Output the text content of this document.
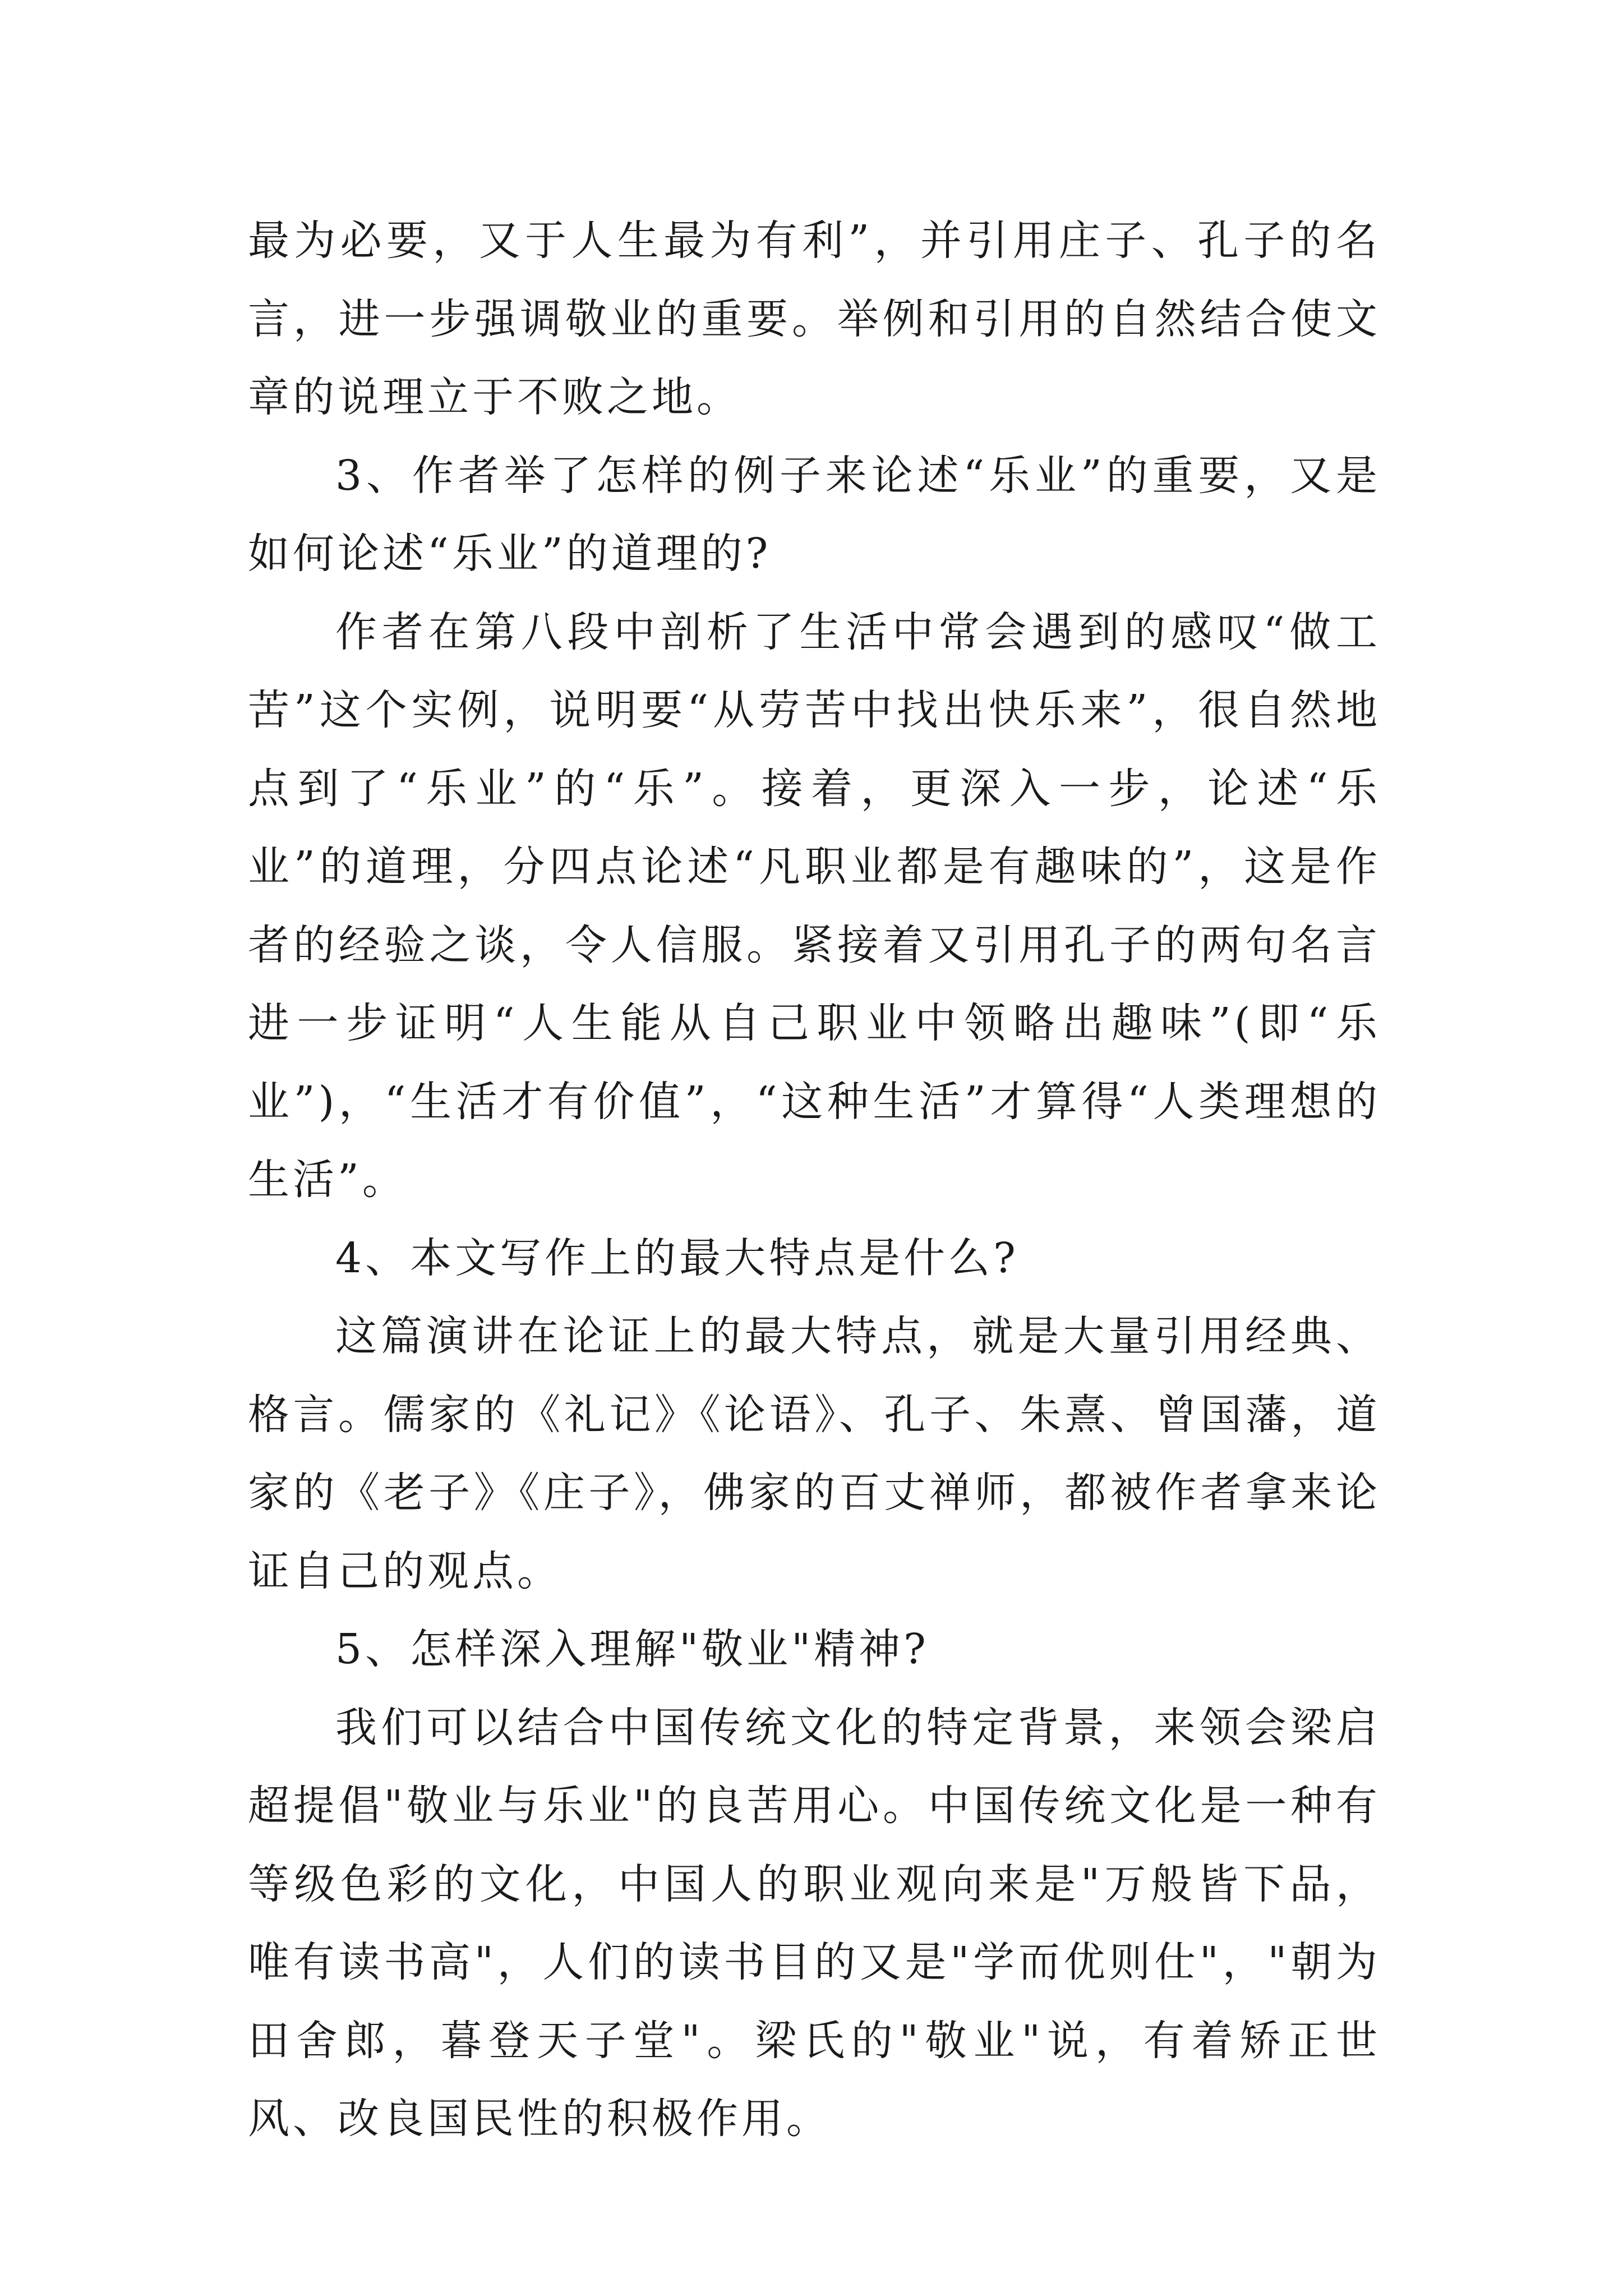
最为必要，又于人生最为有利”，并引用庄子、孔子的名言，进一步强调敬业的重要。举例和引用的自然结合使文章的说理立于不败之地。

3、作者举了怎样的例子来论述“乐业”的重要，又是如何论述“乐业”的道理的?

作者在第八段中剖析了生活中常会遇到的感叹“做工苦”这个实例，说明要“从劳苦中找出快乐来”，很自然地点到了“乐业”的“乐”。接着，更深入一步，论述“乐业”的道理，分四点论述“凡职业都是有趣味的”，这是作者的经验之谈，令人信服。紧接着又引用孔子的两句名言进一步证明“人生能从自己职业中领略出趣味”(即“乐业”)，“生活才有价值”，“这种生活”才算得“人类理想的生活”。

4、本文写作上的最大特点是什么?

这篇演讲在论证上的最大特点，就是大量引用经典、格言。儒家的《礼记》《论语》、孔子、朱熹、曾国藩，道家的《老子》《庄子》，佛家的百丈禅师，都被作者拿来论证自己的观点。

5、怎样深入理解"敬业"精神?

我们可以结合中国传统文化的特定背景，来领会梁启超提倡"敬业与乐业"的良苦用心。中国传统文化是一种有等级色彩的文化，中国人的职业观向来是"万般皆下品，唯有读书高"，人们的读书目的又是"学而优则仕"，"朝为田舍郎，暮登天子堂"。梁氏的"敬业"说，有着矫正世风、改良国民性的积极作用。
